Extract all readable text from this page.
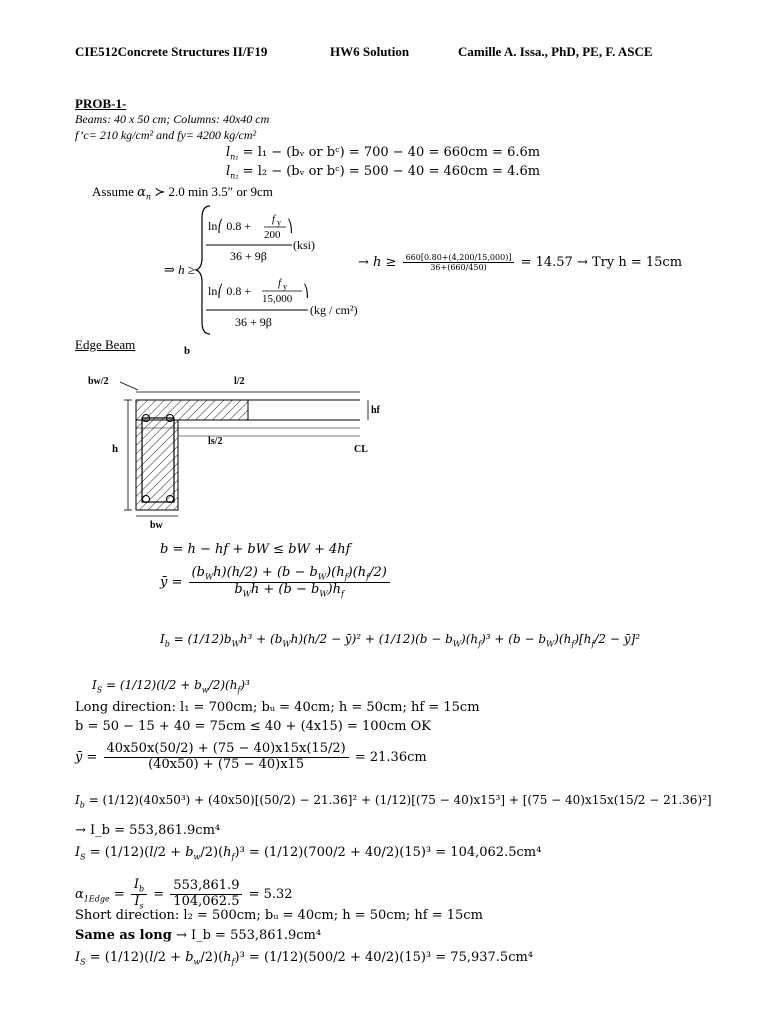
CIE512Concrete Structures II/F19	HW6 Solution	Camille A. Issa., PhD, PE, F. ASCE
PROB-1-
Beams: 40 x 50 cm; Columns: 40x40 cm
f’c= 210 kg/cm² and fy= 4200 kg/cm²
$l_{n_1} = l_1$ − (bᵥ or bᶜ) = 700 − 40 = 660cm = 6.6m
$l_{n_2} = l_2$ − (bᵥ or bᶜ) = 500 − 40 = 460cm = 4.6m
Assume $\alpha_n$ ≻ 2.0 min 3.5″ or 9cm
⇒ h ≥
ln⎛ 0.8 + f y
200
⎞
36 + 9β
(ksi)
ln⎛ 0.8 +
f y
15,000
⎞
36 + 9β
(kg / cm²)
→ $h \ge \frac{660[0.80+(4,200/15,000)]}{36+(660/450)} = 14.57$ → Try h = 15cm
Edge Beam	b
bw/2	l/2
h
hf
ls/2
CL
bw
b = h − hf + bW ≤ bW + 4hf
ȳ = $\frac{(b_Wh)(h/2) + (b - b_W)(h_f)(h_f/2)}{b_Wh + (b - b_W)h_f}$
$I_b = (1/12)b_Wh^3 + (b_Wh)(h/2$ − ȳ)² + $(1/12)(b - b_W)(h_f)^3 + (b - b_W)(h_f)[h_f/2$ − ȳ]²
$I_S = (1/12)(l/2 + b_w/2)(h_f)^3$
Long direction: l₁ = 700cm; bᵤ = 40cm; h = 50cm; hf = 15cm
b = 50 − 15 + 40 = 75cm ≤ 40 + (4x15) = 100cm OK
ȳ = $\frac{40x50x(50/2) + (75 - 40)x15x(15/2)}{(40x50) + (75 - 40)x15} = 21.36cm$
$I_b = (1/12)(40x50^3) + (40x50)[(50/2) - 21.36]^2 + (1/12)[(75 - 40)x15^3] + [(75 - 40)x15x(15/2 - 21.36)^2]$
→ I_b = 553,861.9cm⁴
$I_S = (1/12)(l/2 + b_w/2)(h_f)^3 = (1/12)(700/2 + 40/2)(15)^3 = 104,062.5cm^4$
$\alpha_{1Edge} = \frac{I_b}{I_s} = \frac{553,861.9}{104,062.5} = 5.32$
Short direction: l₂ = 500cm; bᵤ = 40cm; h = 50cm; hf = 15cm
Same as long → I_b = 553,861.9cm⁴
$I_S = (1/12)(l/2 + b_w/2)(h_f)^3 = (1/12)(500/2 + 40/2)(15)^3 = 75,937.5cm^4$
